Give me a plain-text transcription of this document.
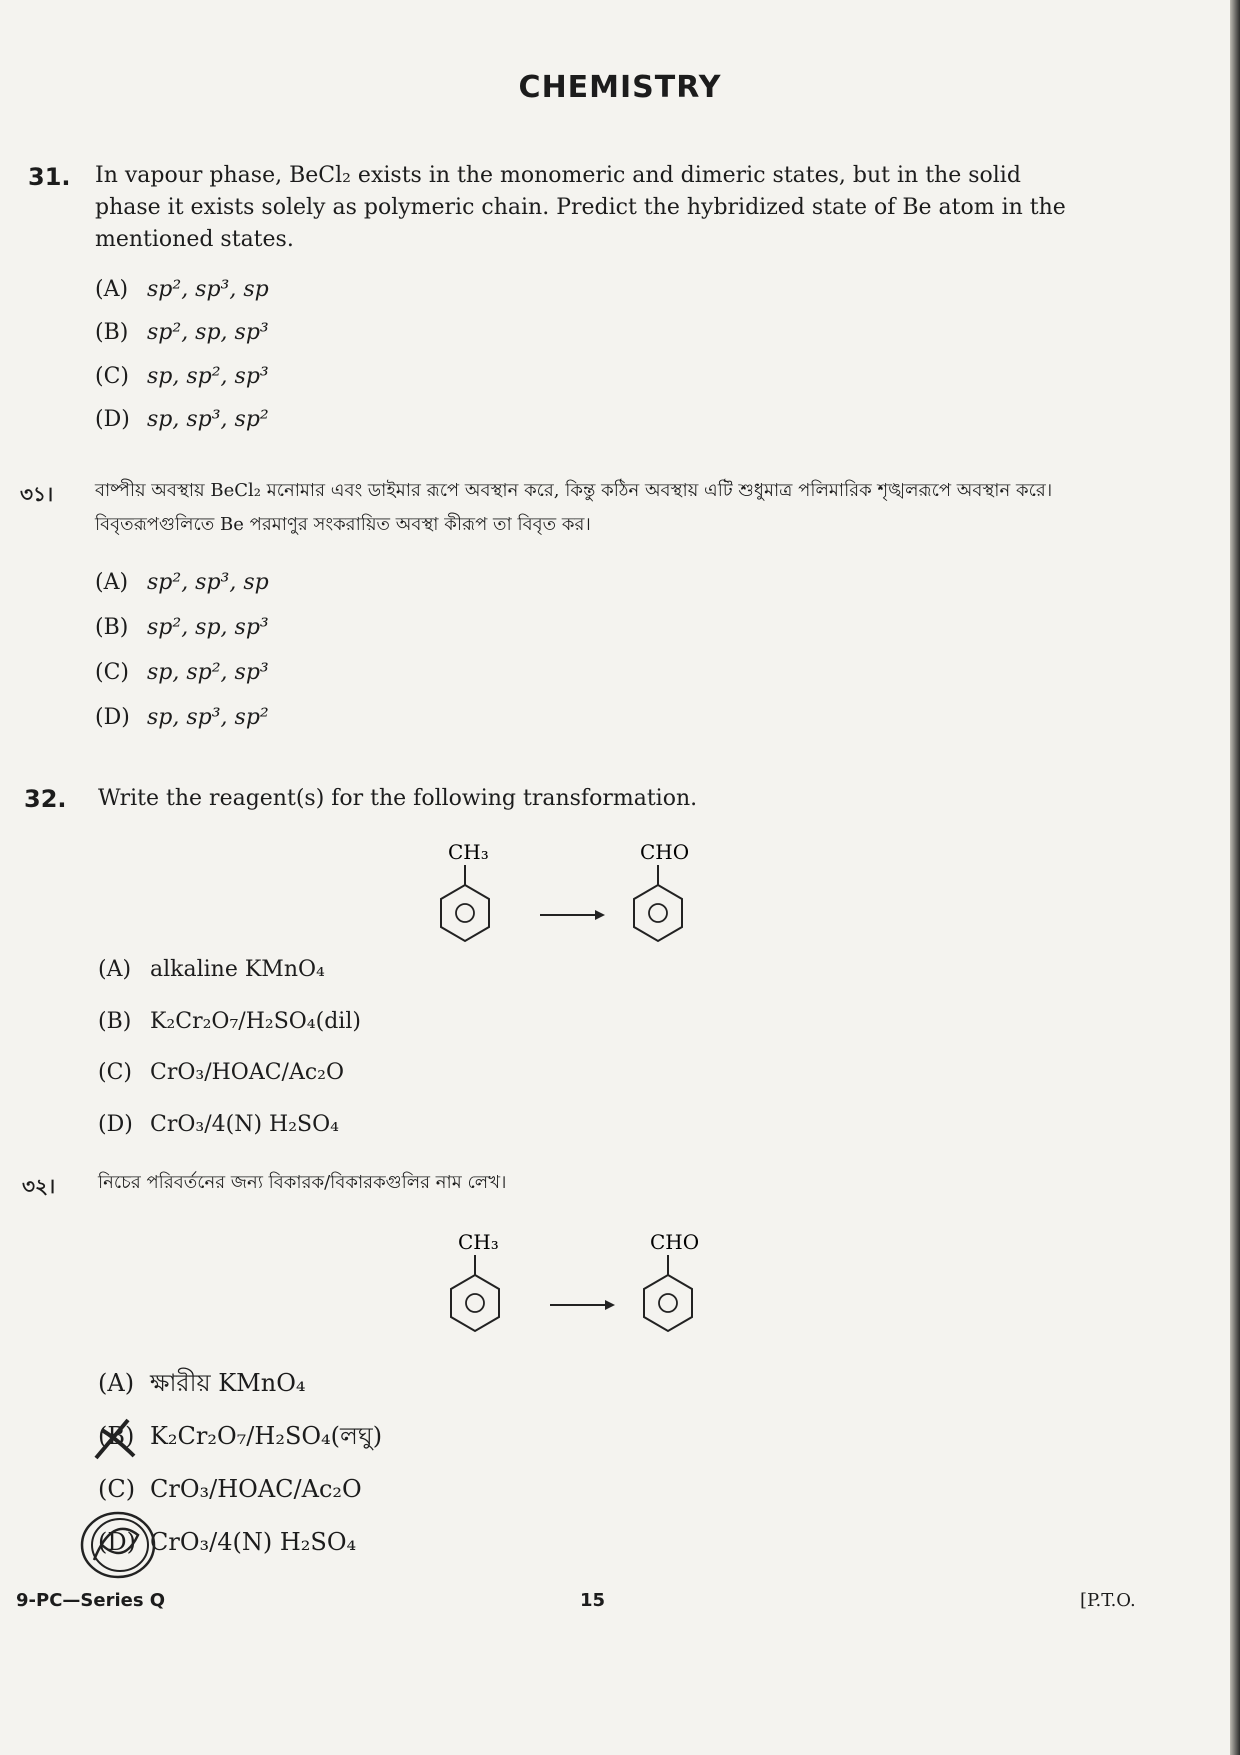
CHEMISTRY
31. In vapour phase, BeCl₂ exists in the monomeric and dimeric states, but in the solid phase it exists solely as polymeric chain. Predict the hybridized state of Be atom in the mentioned states.
(A) sp², sp³, sp
(B) sp², sp, sp³
(C) sp, sp², sp³
(D) sp, sp³, sp²
৩১। বাষ্পীয় অবস্থায় BeCl₂ মনোমার এবং ডাইমার রূপে অবস্থান করে, কিন্তু কঠিন অবস্থায় এটি শুধুমাত্র পলিমারিক শৃঙ্খলরূপে অবস্থান করে। বিবৃতরূপগুলিতে Be পরমাণুর সংকরায়িত অবস্থা কীরূপ তা বিবৃত কর।
(A) sp², sp³, sp
(B) sp², sp, sp³
(C) sp, sp², sp³
(D) sp, sp³, sp²
32. Write the reagent(s) for the following transformation.
CH₃	CHO
(A) alkaline KMnO₄
(B) K₂Cr₂O₇/H₂SO₄(dil)
(C) CrO₃/HOAC/Ac₂O
(D) CrO₃/4(N) H₂SO₄
৩২। নিচের পরিবর্তনের জন্য বিকারক/বিকারকগুলির নাম লেখ।
CH₃	CHO
(A) ক্ষারীয় KMnO₄
(B) K₂Cr₂O₇/H₂SO₄(লঘু)
(C) CrO₃/HOAC/Ac₂O
(D) CrO₃/4(N) H₂SO₄
9-PC—Series Q	15	[P.T.O.
